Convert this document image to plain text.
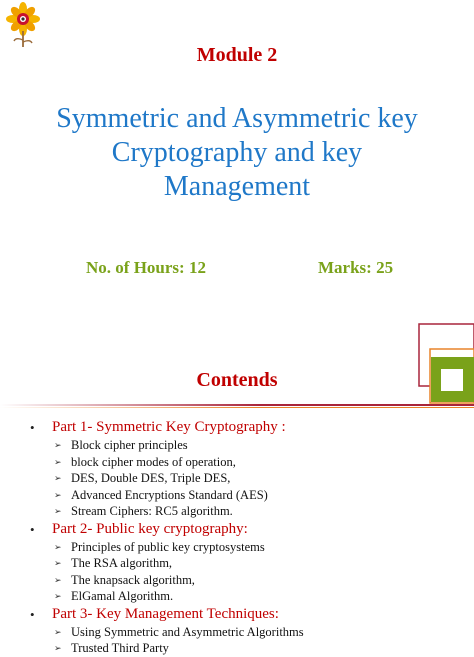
Module 2
Symmetric and Asymmetric key
Cryptography and key
Management
No. of Hours: 12	Marks: 25
Contends
• Part 1- Symmetric Key Cryptography :
➢ Block cipher principles
➢ block cipher modes of operation,
➢ DES, Double DES, Triple DES,
➢ Advanced Encryptions Standard (AES)
➢ Stream Ciphers: RC5 algorithm.
• Part 2- Public key cryptography:
➢ Principles of public key cryptosystems
➢ The RSA algorithm,
➢ The knapsack algorithm,
➢ ElGamal Algorithm.
• Part 3- Key Management Techniques:
➢ Using Symmetric and Asymmetric Algorithms
➢ Trusted Third Party
